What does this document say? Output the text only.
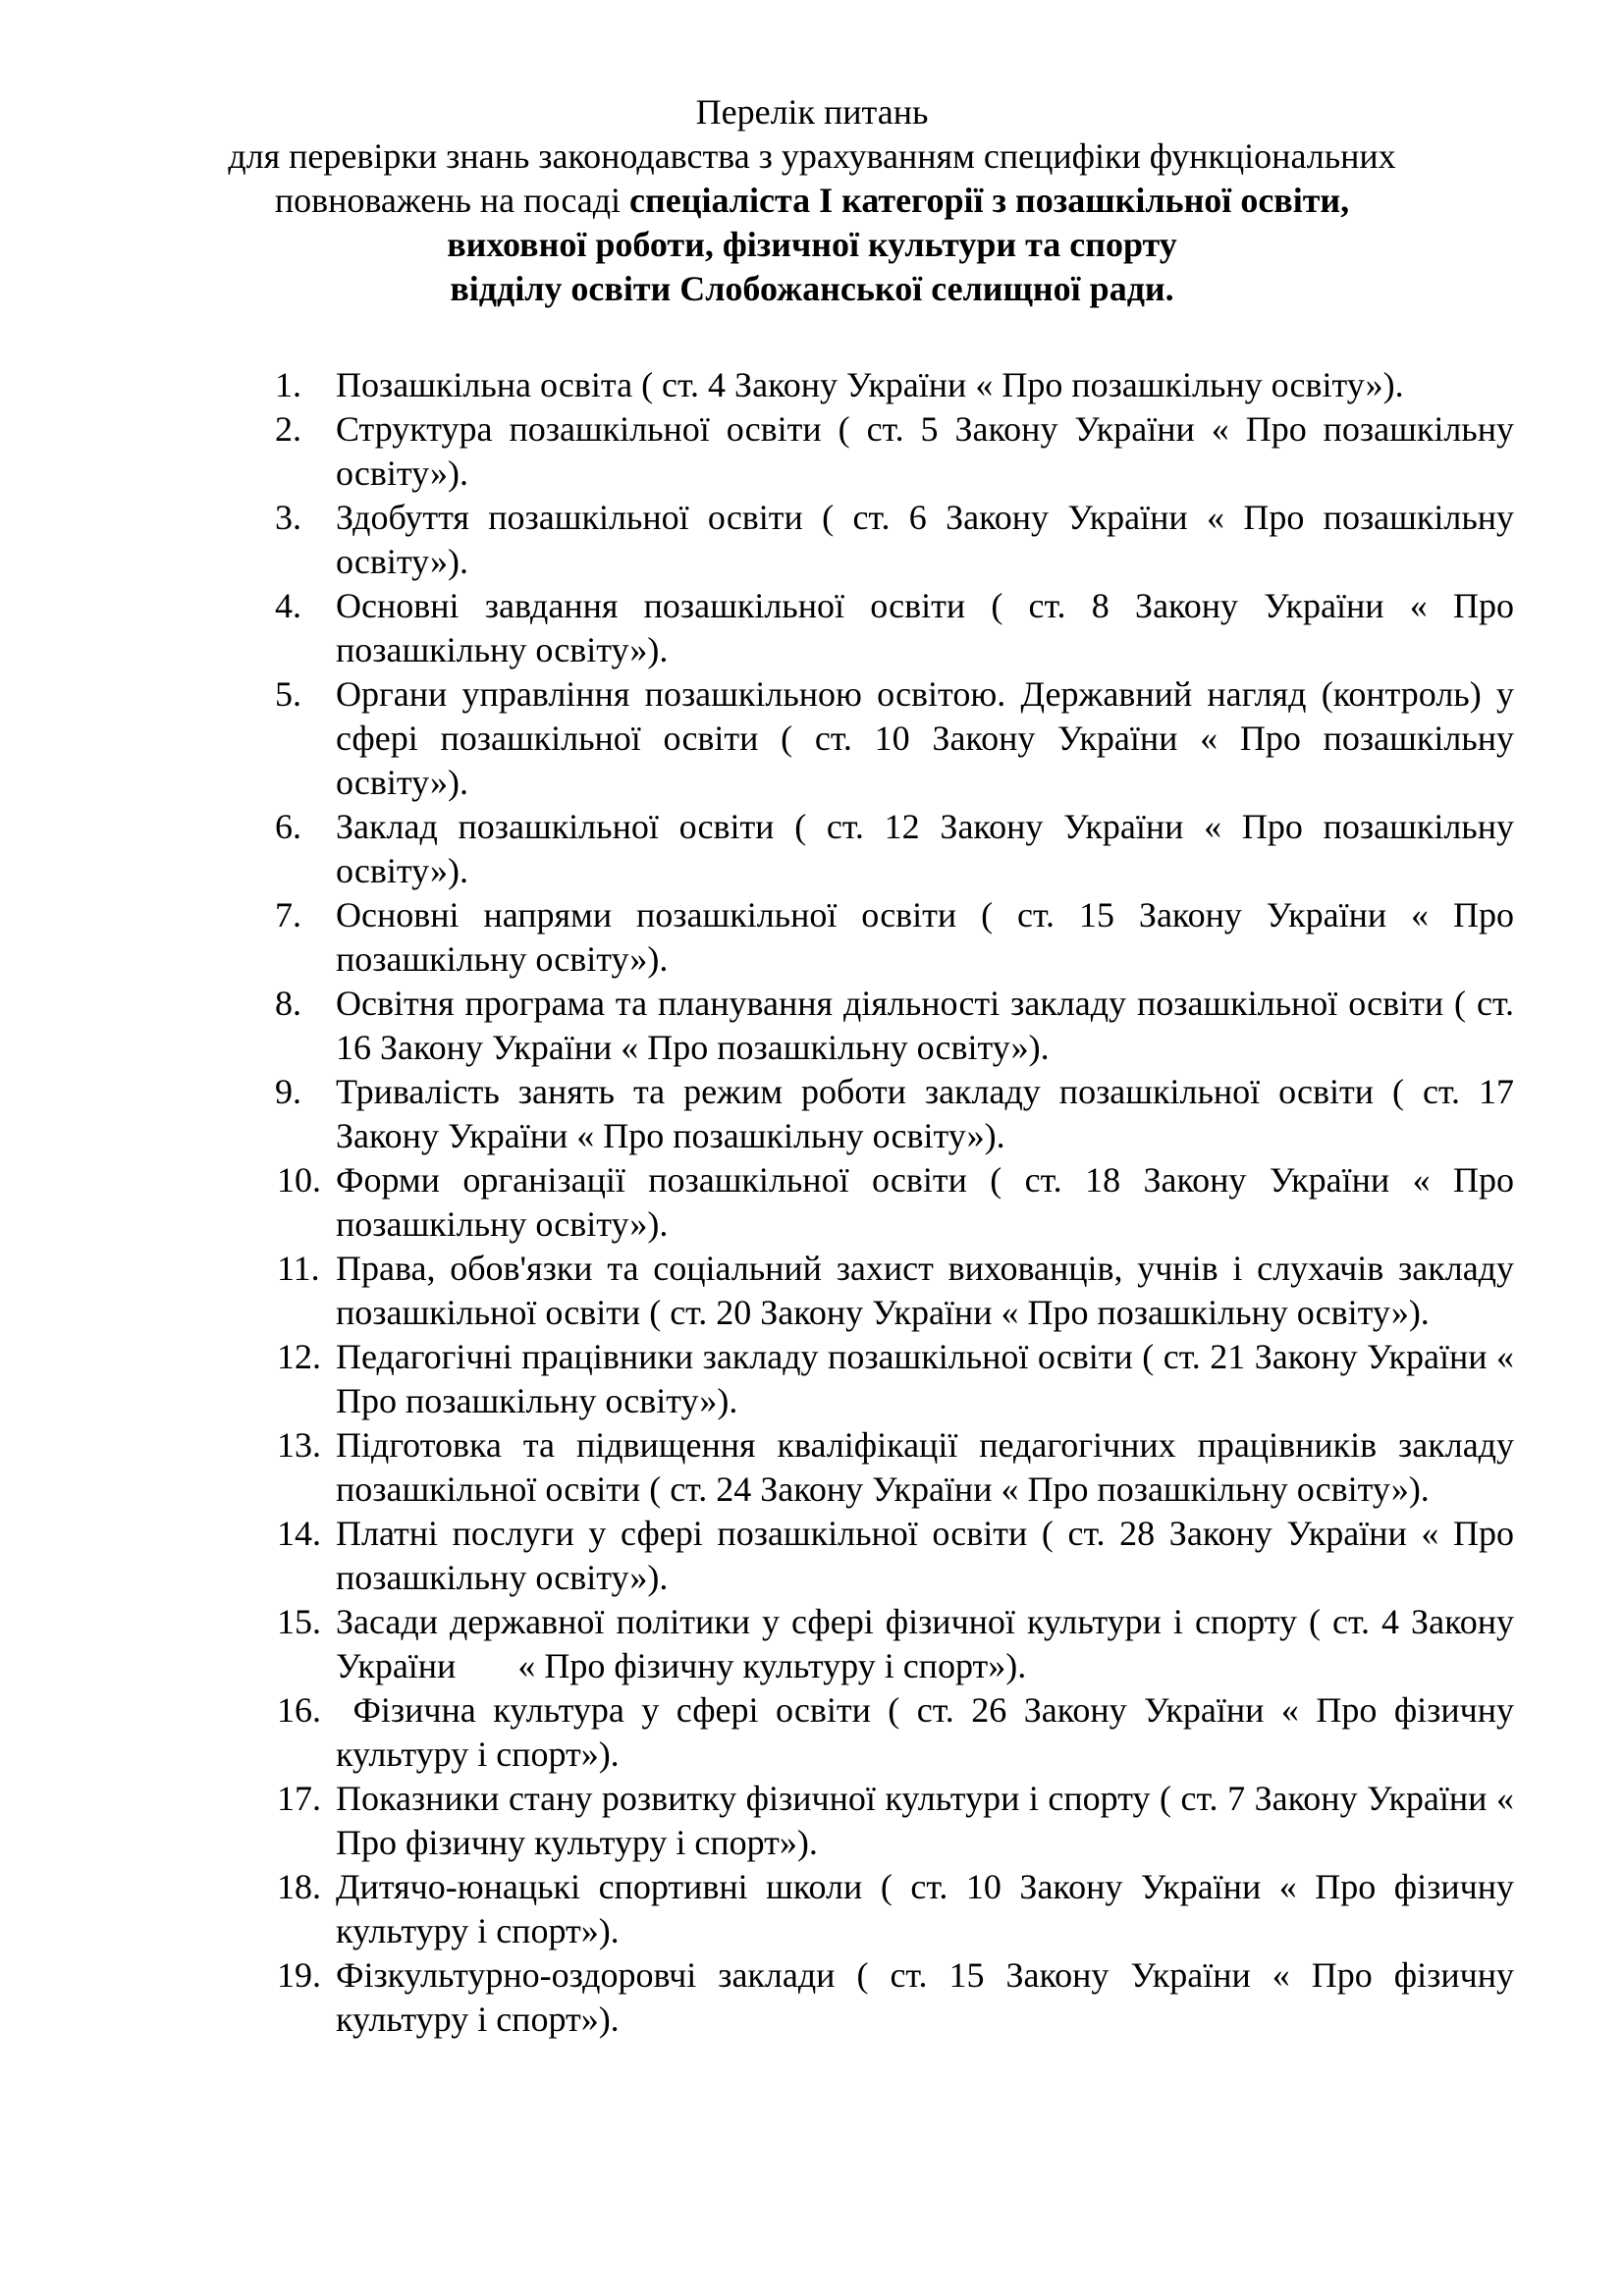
Перелік питань
для перевірки знань законодавства з урахуванням специфіки функціональних
повноважень на посаді спеціаліста І категорії з позашкільної освіти,
виховної роботи, фізичної культури та спорту
відділу освіти Слобожанської селищної ради.
1. Позашкільна освіта ( ст. 4 Закону України « Про позашкільну освіту»).
2. Структура позашкільної освіти ( ст. 5 Закону України « Про позашкільну освіту»).
3. Здобуття позашкільної освіти ( ст. 6 Закону України « Про позашкільну освіту»).
4. Основні завдання позашкільної освіти ( ст. 8 Закону України « Про позашкільну освіту»).
5. Органи управління позашкільною освітою. Державний нагляд (контроль) у сфері позашкільної освіти ( ст. 10 Закону України « Про позашкільну освіту»).
6. Заклад позашкільної освіти ( ст. 12 Закону України « Про позашкільну освіту»).
7. Основні напрями позашкільної освіти ( ст. 15 Закону України « Про позашкільну освіту»).
8. Освітня програма та планування діяльності закладу позашкільної освіти ( ст. 16 Закону України « Про позашкільну освіту»).
9. Тривалість занять та режим роботи закладу позашкільної освіти ( ст. 17 Закону України « Про позашкільну освіту»).
10. Форми організації позашкільної освіти ( ст. 18 Закону України « Про позашкільну освіту»).
11. Права, обов'язки та соціальний захист вихованців, учнів і слухачів закладу позашкільної освіти ( ст. 20 Закону України « Про позашкільну освіту»).
12. Педагогічні працівники закладу позашкільної освіти ( ст. 21 Закону України « Про позашкільну освіту»).
13. Підготовка та підвищення кваліфікації педагогічних працівників закладу позашкільної освіти ( ст. 24 Закону України « Про позашкільну освіту»).
14. Платні послуги у сфері позашкільної освіти ( ст. 28 Закону України « Про позашкільну освіту»).
15. Засади державної політики у сфері фізичної культури і спорту ( ст. 4 Закону України       « Про фізичну культуру і спорт»).
16. Фізична культура у сфері освіти ( ст. 26 Закону України « Про фізичну культуру і спорт»).
17. Показники стану розвитку фізичної культури і спорту ( ст. 7 Закону України « Про фізичну культуру і спорт»).
18. Дитячо-юнацькі спортивні школи ( ст. 10 Закону України « Про фізичну культуру і спорт»).
19. Фізкультурно-оздоровчі заклади ( ст. 15 Закону України « Про фізичну культуру і спорт»).
